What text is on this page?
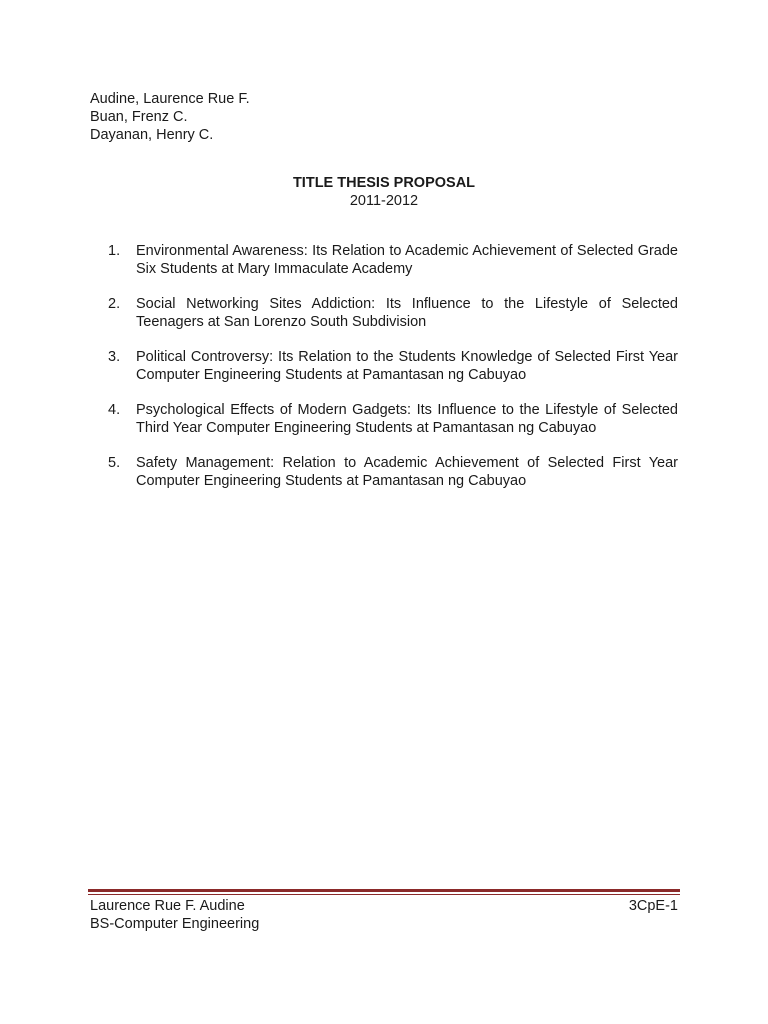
Audine, Laurence Rue F.
Buan, Frenz C.
Dayanan, Henry C.
TITLE THESIS PROPOSAL
2011-2012
1.	Environmental Awareness: Its Relation to Academic Achievement of Selected Grade Six Students at Mary Immaculate Academy
2.	Social Networking Sites Addiction: Its Influence to the Lifestyle of Selected Teenagers at San Lorenzo South Subdivision
3.	Political Controversy: Its Relation to the Students Knowledge of Selected First Year Computer Engineering Students at Pamantasan ng Cabuyao
4.	Psychological Effects of Modern Gadgets: Its Influence to the Lifestyle of Selected Third Year Computer Engineering Students at Pamantasan ng Cabuyao
5.	Safety Management: Relation to Academic Achievement of Selected First Year Computer Engineering Students at Pamantasan ng Cabuyao
Laurence Rue F. Audine	3CpE-1
BS-Computer Engineering
